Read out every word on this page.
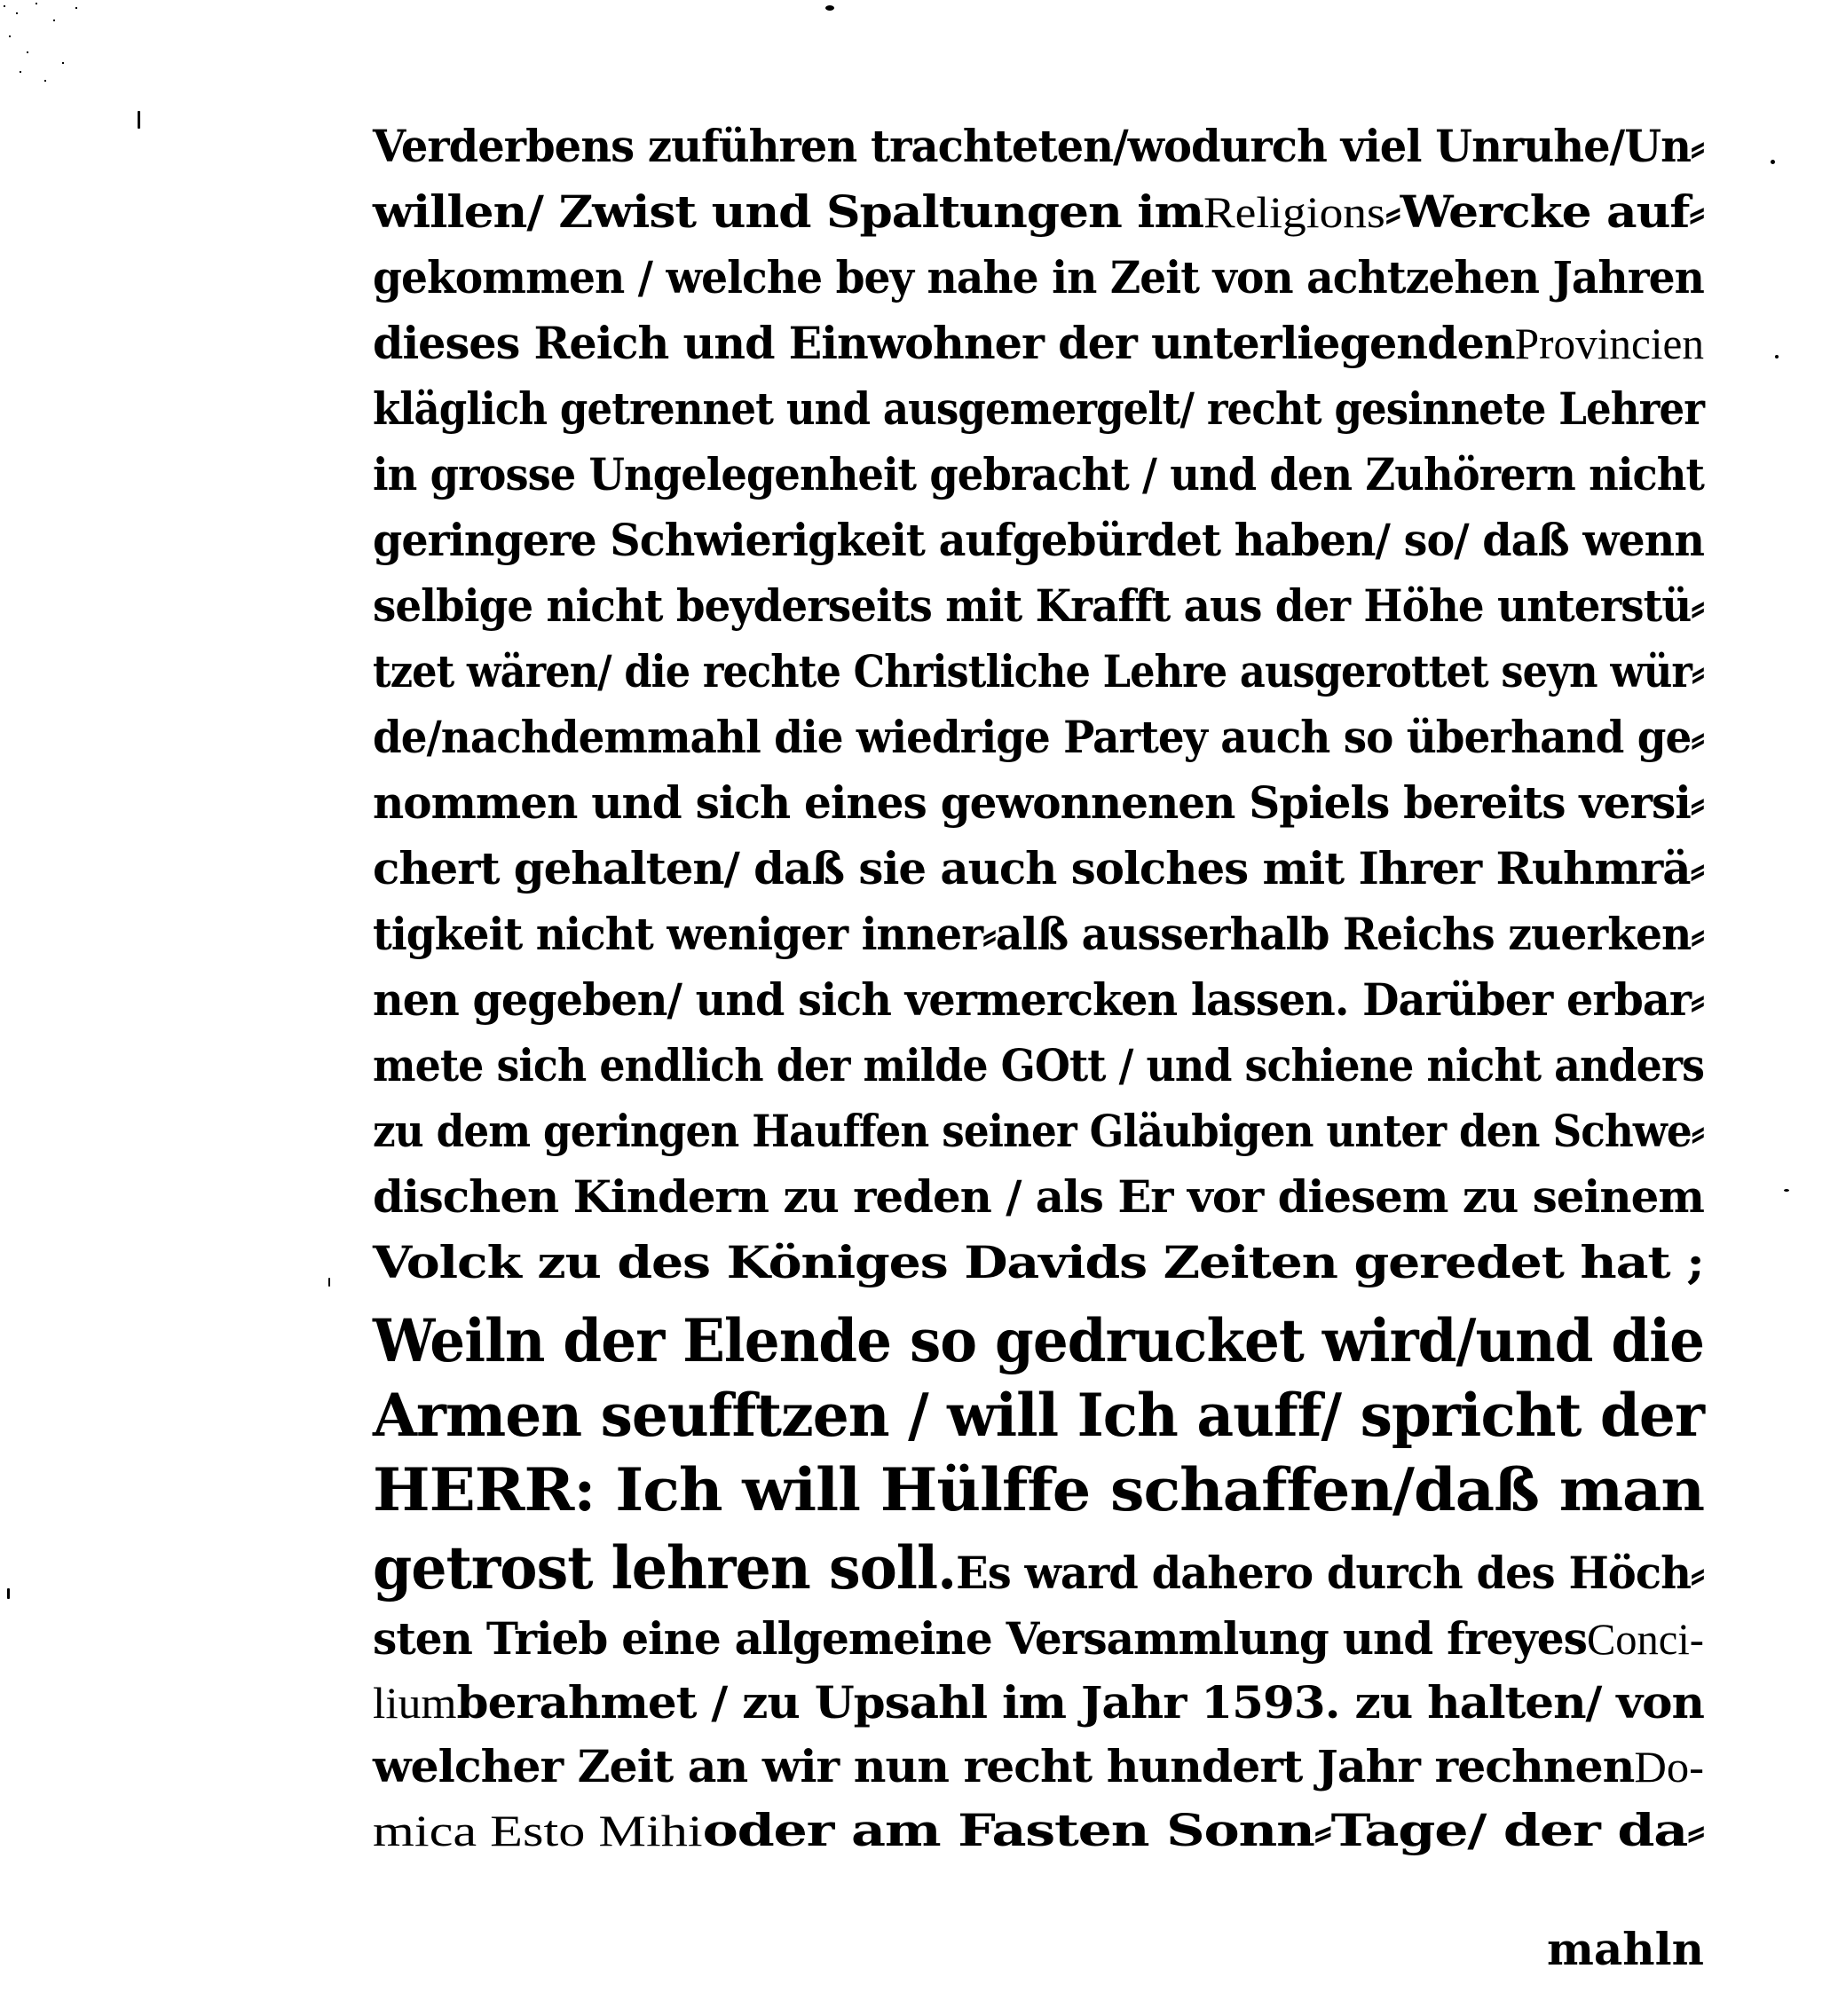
Verderbens zuführen trachteten/wodurch viel Unruhe/Un⸗
willen/ Zwist und Spaltungen im Religions ⸗Wercke auf⸗
gekommen / welche bey nahe in Zeit von achtzehen Jahren
dieses Reich und Einwohner der unterliegenden Provincien
kläglich getrennet und ausgemergelt/ recht gesinnete Lehrer
in grosse Ungelegenheit gebracht / und den Zuhörern nicht
geringere Schwierigkeit aufgebürdet haben/ so/ daß wenn
selbige nicht beyderseits mit Krafft aus der Höhe unterstü⸗
tzet wären/ die rechte Christliche Lehre ausgerottet seyn wür⸗
de/nachdemmahl die wiedrige Partey auch so überhand ge⸗
nommen und sich eines gewonnenen Spiels bereits versi⸗
chert gehalten/ daß sie auch solches mit Ihrer Ruhmrä⸗
tigkeit nicht weniger inner⸗alß ausserhalb Reichs zuerken⸗
nen gegeben/ und sich vermercken lassen. Darüber erbar⸗
mete sich endlich der milde GOtt / und schiene nicht anders
zu dem geringen Hauffen seiner Gläubigen unter den Schwe⸗
dischen Kindern zu reden / als Er vor diesem zu seinem
Volck zu des Königes Davids Zeiten geredet hat ;
Weiln der Elende so gedrucket wird/und die
Armen seufftzen / will Ich auff/ spricht der
HERR: Ich will Hülffe schaffen/daß man
getrost lehren soll. Es ward dahero durch des Höch⸗
sten Trieb eine allgemeine Versammlung und freyes Conci-
lium berahmet / zu Upsahl im Jahr 1593. zu halten/ von
welcher Zeit an wir nun recht hundert Jahr rechnen Do-
mica Esto Mihi oder am Fasten Sonn⸗Tage/ der da⸗
mahln
